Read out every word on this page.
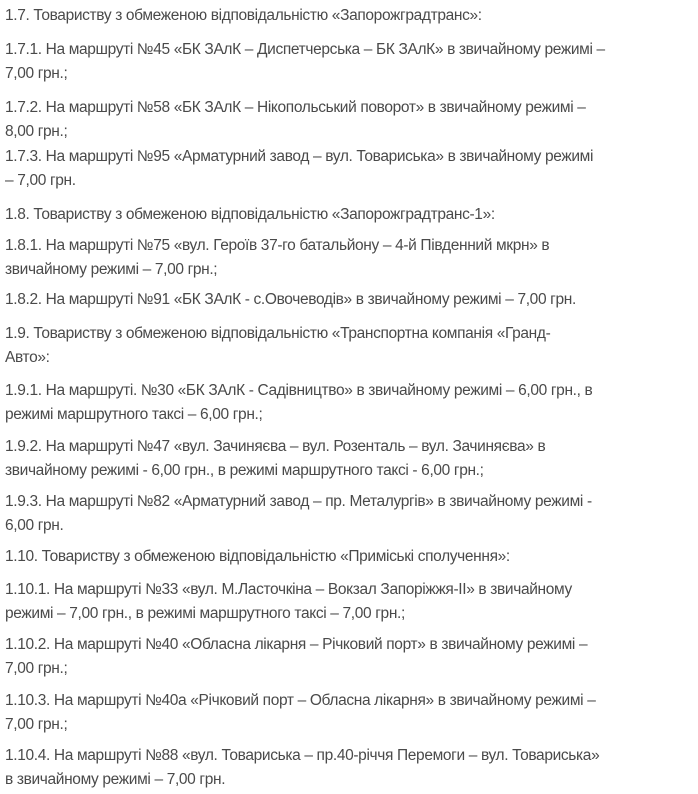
1.7. Товариству з обмеженою відповідальністю «Запорожградтранс»:
1.7.1. На маршруті №45 «БК ЗАлК – Диспетчерська – БК ЗАлК» в звичайному режимі –
7,00 грн.;
1.7.2. На маршруті №58 «БК ЗАлК – Нікопольський поворот» в звичайному режимі –
8,00 грн.;
1.7.3. На маршруті №95 «Арматурний завод – вул. Товариська» в звичайному режимі
– 7,00 грн.
1.8. Товариству з обмеженою відповідальністю «Запорожградтранс-1»:
1.8.1. На маршруті №75 «вул. Героїв 37-го батальйону – 4-й Південний мкрн» в
звичайному режимі – 7,00 грн.;
1.8.2. На маршруті №91 «БК ЗАлК - с.Овочеводів» в звичайному режимі – 7,00 грн.
1.9. Товариству з обмеженою відповідальністю «Транспортна компанія «Гранд-
Авто»:
1.9.1. На маршруті. №30 «БК ЗАлК - Садівництво» в звичайному режимі – 6,00 грн., в
режимі маршрутного таксі – 6,00 грн.;
1.9.2. На маршруті №47 «вул. Зачиняєва – вул. Розенталь – вул. Зачиняєва» в
звичайному режимі - 6,00 грн., в режимі маршрутного таксі - 6,00 грн.;
1.9.3. На маршруті №82 «Арматурний завод – пр. Металургів» в звичайному режимі -
6,00 грн.
1.10. Товариству з обмеженою відповідальністю «Приміські сполучення»:
1.10.1. На маршруті №33 «вул. М.Ласточкіна – Вокзал Запоріжжя-ІІ» в звичайному
режимі – 7,00 грн., в режимі маршрутного таксі – 7,00 грн.;
1.10.2. На маршруті №40 «Обласна лікарня – Річковий порт» в звичайному режимі –
7,00 грн.;
1.10.3. На маршруті №40а «Річковий порт – Обласна лікарня» в звичайному режимі –
7,00 грн.;
1.10.4. На маршруті №88 «вул. Товариська – пр.40-річчя Перемоги – вул. Товариська»
в звичайному режимі – 7,00 грн.
